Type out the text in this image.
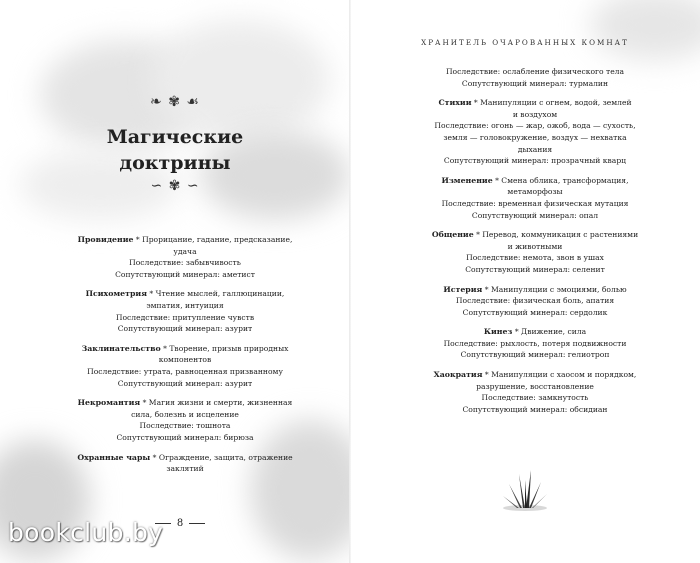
❧ ✾ ☙
Магические
доктрины
∽ ✾ ∽
Провидение * Прорицание, гадание, предсказание,
удача
Последствие: забывчивость
Сопутствующий минерал: аметист
Психометрия * Чтение мыслей, галлюцинации,
эмпатия, интуиция
Последствие: притупление чувств
Сопутствующий минерал: азурит
Заклинательство * Творение, призыв природных
компонентов
Последствие: утрата, равноценная призванному
Сопутствующий минерал: азурит
Некромантия * Магия жизни и смерти, жизненная
сила, болезнь и исцеление
Последствие: тошнота
Сопутствующий минерал: бирюза
Охранные чары * Ограждение, защита, отражение
заклятий
8
bookclub.by
ХРАНИТЕЛЬ ОЧАРОВАННЫХ КОМНАТ
Последствие: ослабление физического тела
Сопутствующий минерал: турмалин
Стихии * Манипуляции с огнем, водой, землей
и воздухом
Последствие: огонь — жар, ожоб, вода — сухость,
земля — головокружение, воздух — нехватка
дыхания
Сопутствующий минерал: прозрачный кварц
Изменение * Смена облика, трансформация,
метаморфозы
Последствие: временная физическая мутация
Сопутствующий минерал: опал
Общение * Перевод, коммуникация с растениями
и животными
Последствие: немота, звон в ушах
Сопутствующий минерал: селенит
Истерия * Манипуляции с эмоциями, болью
Последствие: физическая боль, апатия
Сопутствующий минерал: сердолик
Кинез * Движение, сила
Последствие: рыхлость, потеря подвижности
Сопутствующий минерал: гелиотроп
Хаократия * Манипуляции с хаосом и порядком,
разрушение, восстановление
Последствие: замкнутость
Сопутствующий минерал: обсидиан
